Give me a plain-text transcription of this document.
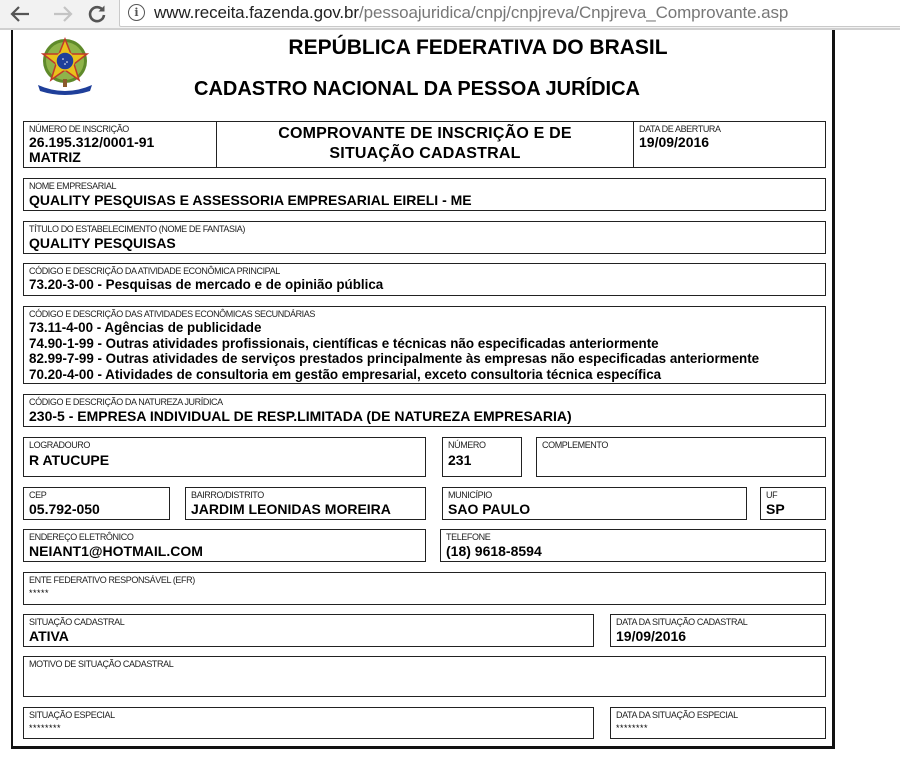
i www.receita.fazenda.gov.br/pessoajuridica/cnpj/cnpjreva/Cnpjreva_Comprovante.asp
REPÚBLICA FEDERATIVA DO BRASIL
CADASTRO NACIONAL DA PESSOA JURÍDICA
NÚMERO DE INSCRIÇÃO
26.195.312/0001-91
MATRIZ
COMPROVANTE DE INSCRIÇÃO E DE
SITUAÇÃO CADASTRAL
DATA DE ABERTURA
19/09/2016
NOME EMPRESARIAL
QUALITY PESQUISAS E ASSESSORIA EMPRESARIAL EIRELI - ME
TÍTULO DO ESTABELECIMENTO (NOME DE FANTASIA)
QUALITY PESQUISAS
CÓDIGO E DESCRIÇÃO DA ATIVIDADE ECONÔMICA PRINCIPAL
73.20-3-00 - Pesquisas de mercado e de opinião pública
CÓDIGO E DESCRIÇÃO DAS ATIVIDADES ECONÔMICAS SECUNDÁRIAS
73.11-4-00 - Agências de publicidade
74.90-1-99 - Outras atividades profissionais, científicas e técnicas não especificadas anteriormente
82.99-7-99 - Outras atividades de serviços prestados principalmente às empresas não especificadas anteriormente
70.20-4-00 - Atividades de consultoria em gestão empresarial, exceto consultoria técnica específica
CÓDIGO E DESCRIÇÃO DA NATUREZA JURÍDICA
230-5 - EMPRESA INDIVIDUAL DE RESP.LIMITADA (DE NATUREZA EMPRESARIA)
LOGRADOURO
R ATUCUPE
NÚMERO
231
COMPLEMENTO
CEP
05.792-050
BAIRRO/DISTRITO
JARDIM LEONIDAS MOREIRA
MUNICÍPIO
SAO PAULO
UF
SP
ENDEREÇO ELETRÔNICO
NEIANT1@HOTMAIL.COM
TELEFONE
(18) 9618-8594
ENTE FEDERATIVO RESPONSÁVEL (EFR)
*****
SITUAÇÃO CADASTRAL
ATIVA
DATA DA SITUAÇÃO CADASTRAL
19/09/2016
MOTIVO DE SITUAÇÃO CADASTRAL
SITUAÇÃO ESPECIAL
********
DATA DA SITUAÇÃO ESPECIAL
********
